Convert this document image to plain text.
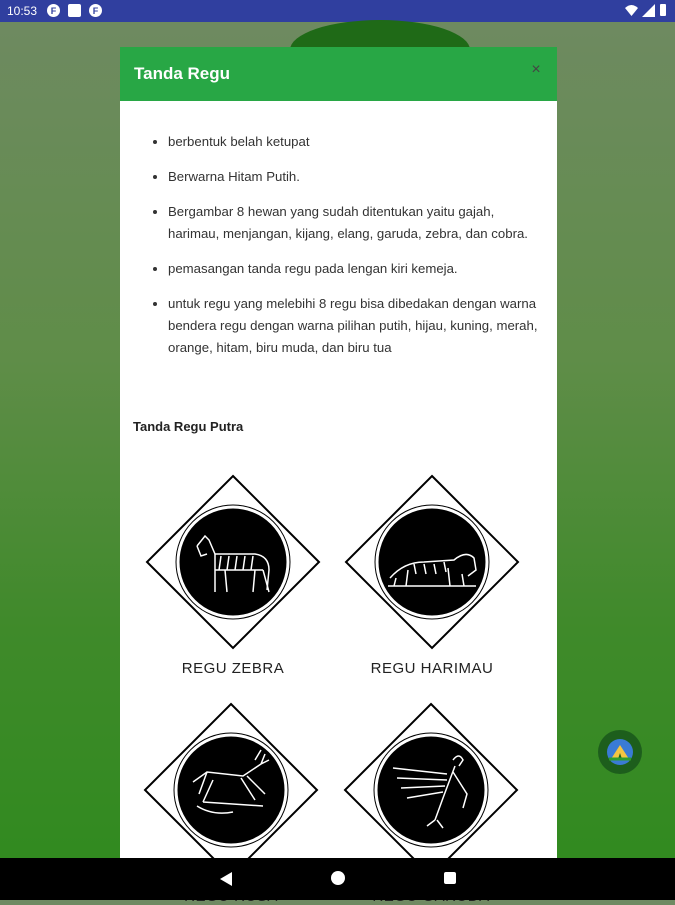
10:53	F	F
Tanda Regu	×
• berbentuk belah ketupat
• Berwarna Hitam Putih.
• Bergambar 8 hewan yang sudah ditentukan yaitu gajah, harimau, menjangan, kijang, elang, garuda, zebra, dan cobra.
• pemasangan tanda regu pada lengan kiri kemeja.
• untuk regu yang melebihi 8 regu bisa dibedakan dengan warna bendera regu dengan warna pilihan putih, hijau, kuning, merah, orange, hitam, biru muda, dan biru tua
Tanda Regu Putra
REGU ZEBRA	REGU HARIMAU
